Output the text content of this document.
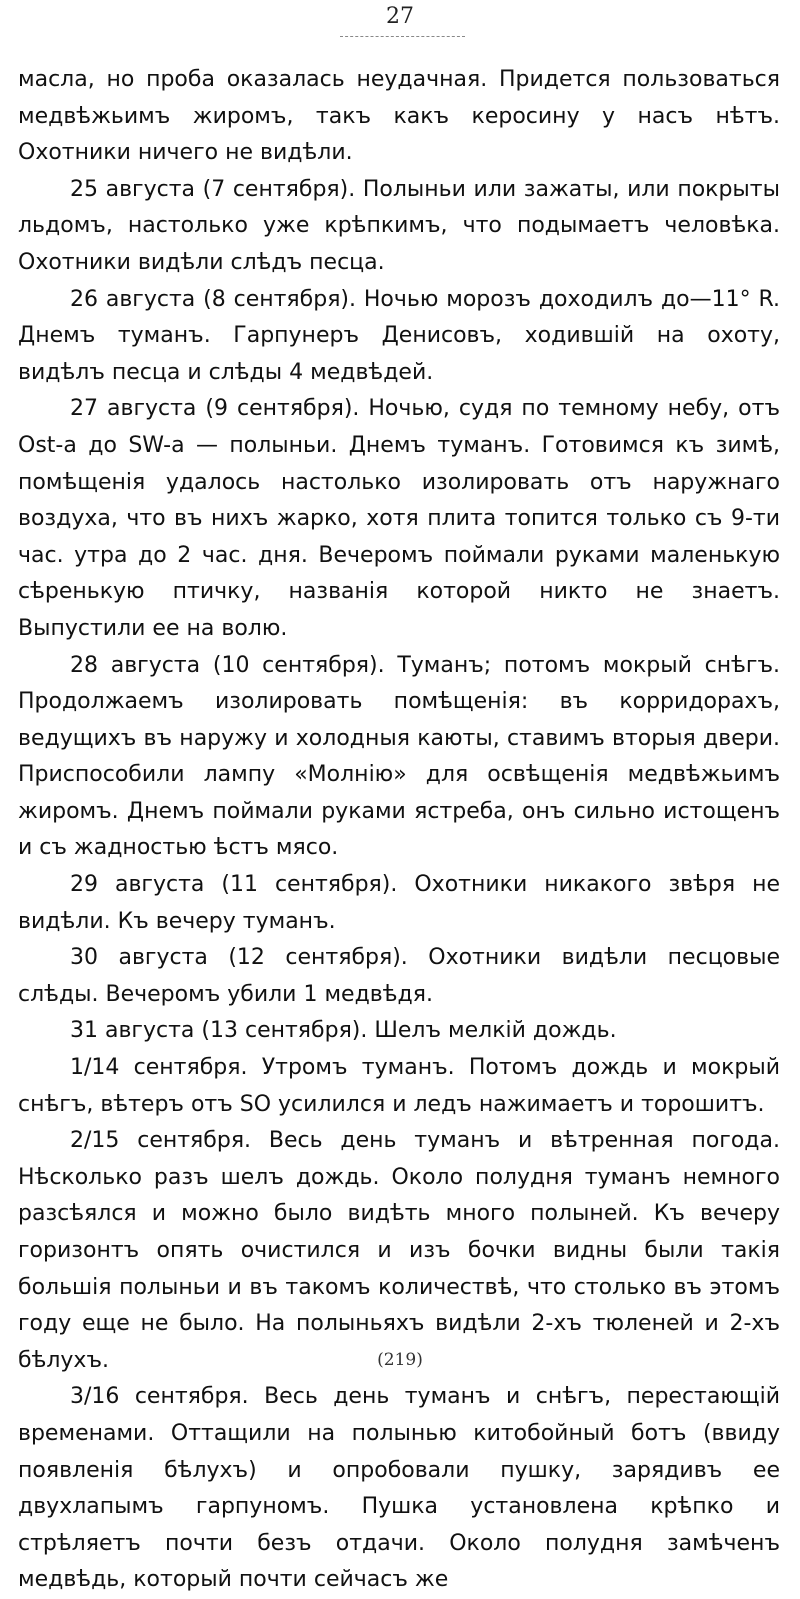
27

масла, но проба оказалась неудачная. Придется пользоваться медвѣжьимъ жиромъ, такъ какъ керосину у насъ нѣтъ. Охотники ничего не видѣли.

25 августа (7 сентября). Полыньи или зажаты, или покрыты льдомъ, настолько уже крѣпкимъ, что подымаетъ человѣка. Охотники видѣли слѣдъ песца.

26 августа (8 сентября). Ночью морозъ доходилъ до—11° R. Днемъ туманъ. Гарпунеръ Денисовъ, ходившій на охоту, видѣлъ песца и слѣды 4 медвѣдей.

27 августа (9 сентября). Ночью, судя по темному небу, отъ Ost-а до SW-а — полыньи. Днемъ туманъ. Готовимся къ зимѣ, помѣщенія удалось настолько изолировать отъ наружнаго воздуха, что въ нихъ жарко, хотя плита топится только съ 9-ти час. утра до 2 час. дня. Вечеромъ поймали руками маленькую сѣренькую птичку, названія которой никто не знаетъ. Выпустили ее на волю.

28 августа (10 сентября). Туманъ; потомъ мокрый снѣгъ. Продолжаемъ изолировать помѣщенія: въ корридорахъ, ведущихъ въ наружу и холодныя каюты, ставимъ вторыя двери. Приспособили лампу «Молнію» для освѣщенія медвѣжьимъ жиромъ. Днемъ поймали руками ястреба, онъ сильно истощенъ и съ жадностью ѣстъ мясо.

29 августа (11 сентября). Охотники никакого звѣря не видѣли. Къ вечеру туманъ.

30 августа (12 сентября). Охотники видѣли песцовые слѣды. Вечеромъ убили 1 медвѣдя.

31 августа (13 сентября). Шелъ мелкій дождь.

1/14 сентября. Утромъ туманъ. Потомъ дождь и мокрый снѣгъ, вѣтеръ отъ SO усилился и ледъ нажимаетъ и торошитъ.

2/15 сентября. Весь день туманъ и вѣтренная погода. Нѣсколько разъ шелъ дождь. Около полудня туманъ немного разсѣялся и можно было видѣть много полыней. Къ вечеру горизонтъ опять очистился и изъ бочки видны были такія большія полыньи и въ такомъ количествѣ, что столько въ этомъ году еще не было. На полыньяхъ видѣли 2-хъ тюленей и 2-хъ бѣлухъ.

3/16 сентября. Весь день туманъ и снѣгъ, перестающій временами. Оттащили на полынью китобойный ботъ (ввиду появленія бѣлухъ) и опробовали пушку, зарядивъ ее двухлапымъ гарпуномъ. Пушка установлена крѣпко и стрѣляетъ почти безъ отдачи. Около полудня замѣченъ медвѣдь, который почти сейчасъ же

(219)
